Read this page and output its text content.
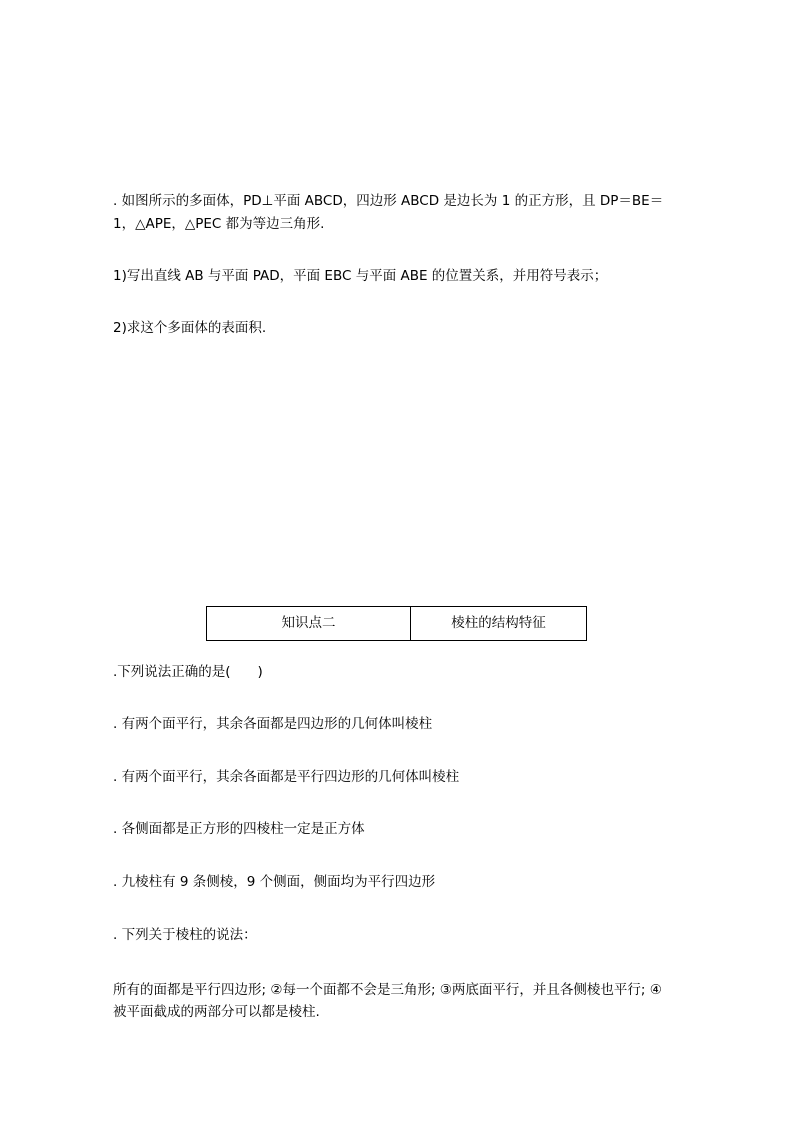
. 如图所示的多面体，PD⊥平面 ABCD，四边形 ABCD 是边长为 1 的正方形，且 DP＝BE＝
1，△APE，△PEC 都为等边三角形.
1)写出直线 AB 与平面 PAD，平面 EBC 与平面 ABE 的位置关系，并用符号表示；
2)求这个多面体的表面积.
知识点二	棱柱的结构特征
.下列说法正确的是(　　)
. 有两个面平行，其余各面都是四边形的几何体叫棱柱
. 有两个面平行，其余各面都是平行四边形的几何体叫棱柱
. 各侧面都是正方形的四棱柱一定是正方体
. 九棱柱有 9 条侧棱，9 个侧面，侧面均为平行四边形
. 下列关于棱柱的说法：
所有的面都是平行四边形; ②每一个面都不会是三角形; ③两底面平行，并且各侧棱也平行; ④
被平面截成的两部分可以都是棱柱.
